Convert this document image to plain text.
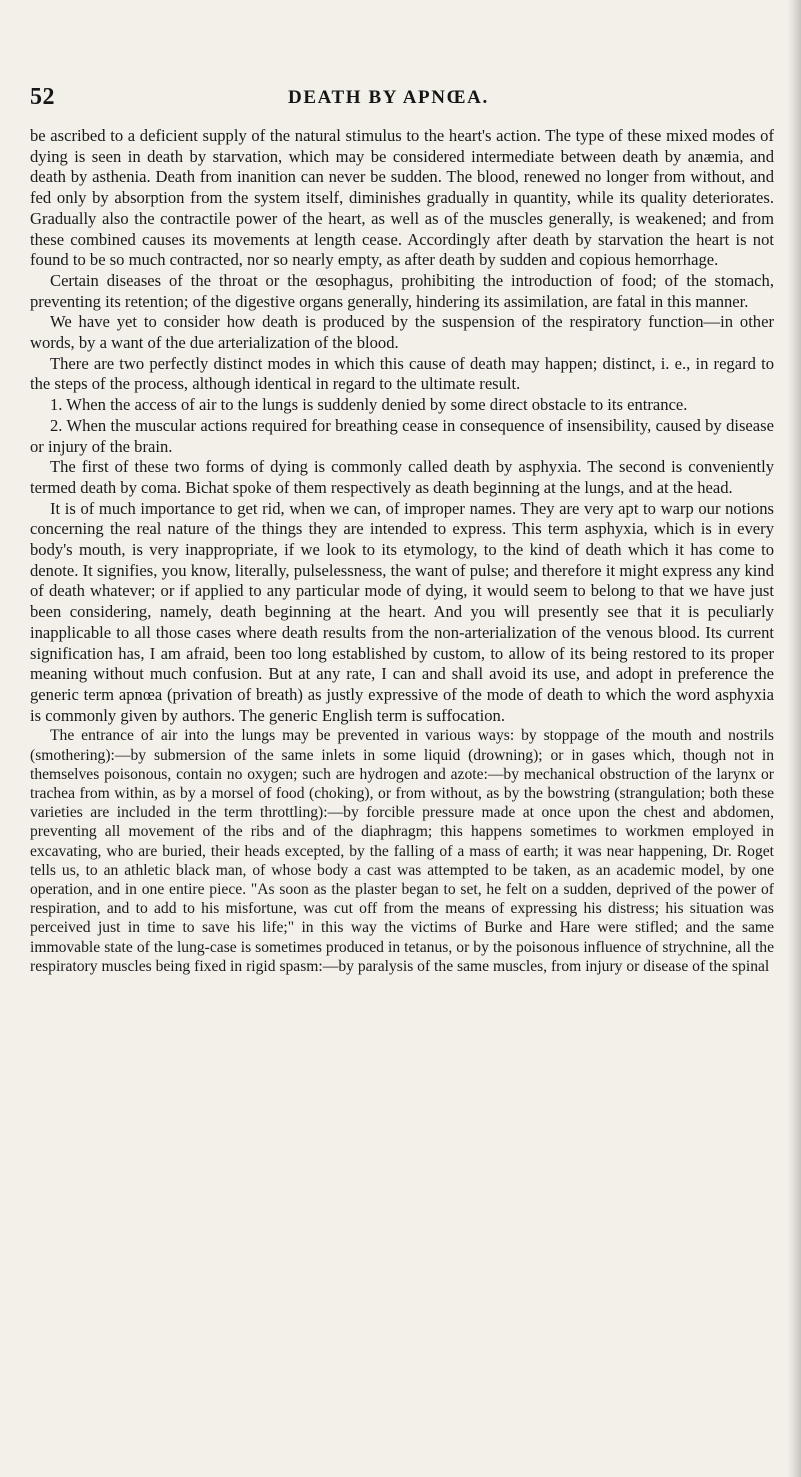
52	DEATH BY APNŒA.

be ascribed to a deficient supply of the natural stimulus to the heart's action. The type of these mixed modes of dying is seen in death by starvation, which may be considered intermediate between death by anæmia, and death by asthenia. Death from inanition can never be sudden. The blood, renewed no longer from without, and fed only by absorption from the system itself, diminishes gradually in quantity, while its quality deteriorates. Gradually also the contractile power of the heart, as well as of the muscles generally, is weakened; and from these combined causes its movements at length cease. Accordingly after death by starvation the heart is not found to be so much contracted, nor so nearly empty, as after death by sudden and copious hemorrhage.

Certain diseases of the throat or the œsophagus, prohibiting the introduction of food; of the stomach, preventing its retention; of the digestive organs generally, hindering its assimilation, are fatal in this manner.

We have yet to consider how death is produced by the suspension of the respiratory function—in other words, by a want of the due arterialization of the blood.

There are two perfectly distinct modes in which this cause of death may happen; distinct, i. e., in regard to the steps of the process, although identical in regard to the ultimate result.

1. When the access of air to the lungs is suddenly denied by some direct obstacle to its entrance.

2. When the muscular actions required for breathing cease in consequence of insensibility, caused by disease or injury of the brain.

The first of these two forms of dying is commonly called death by asphyxia. The second is conveniently termed death by coma. Bichat spoke of them respectively as death beginning at the lungs, and at the head.

It is of much importance to get rid, when we can, of improper names. They are very apt to warp our notions concerning the real nature of the things they are intended to express. This term asphyxia, which is in every body's mouth, is very inappropriate, if we look to its etymology, to the kind of death which it has come to denote. It signifies, you know, literally, pulselessness, the want of pulse; and therefore it might express any kind of death whatever; or if applied to any particular mode of dying, it would seem to belong to that we have just been considering, namely, death beginning at the heart. And you will presently see that it is peculiarly inapplicable to all those cases where death results from the non-arterialization of the venous blood. Its current signification has, I am afraid, been too long established by custom, to allow of its being restored to its proper meaning without much confusion. But at any rate, I can and shall avoid its use, and adopt in preference the generic term apnœa (privation of breath) as justly expressive of the mode of death to which the word asphyxia is commonly given by authors. The generic English term is suffocation.

The entrance of air into the lungs may be prevented in various ways: by stoppage of the mouth and nostrils (smothering):—by submersion of the same inlets in some liquid (drowning); or in gases which, though not in themselves poisonous, contain no oxygen; such are hydrogen and azote:—by mechanical obstruction of the larynx or trachea from within, as by a morsel of food (choking), or from without, as by the bowstring (strangulation; both these varieties are included in the term throttling):—by forcible pressure made at once upon the chest and abdomen, preventing all movement of the ribs and of the diaphragm; this happens sometimes to workmen employed in excavating, who are buried, their heads excepted, by the falling of a mass of earth; it was near happening, Dr. Roget tells us, to an athletic black man, of whose body a cast was attempted to be taken, as an academic model, by one operation, and in one entire piece. "As soon as the plaster began to set, he felt on a sudden, deprived of the power of respiration, and to add to his misfortune, was cut off from the means of expressing his distress; his situation was perceived just in time to save his life;" in this way the victims of Burke and Hare were stifled; and the same immovable state of the lung-case is sometimes produced in tetanus, or by the poisonous influence of strychnine, all the respiratory muscles being fixed in rigid spasm:—by paralysis of the same muscles, from injury or disease of the spinal
